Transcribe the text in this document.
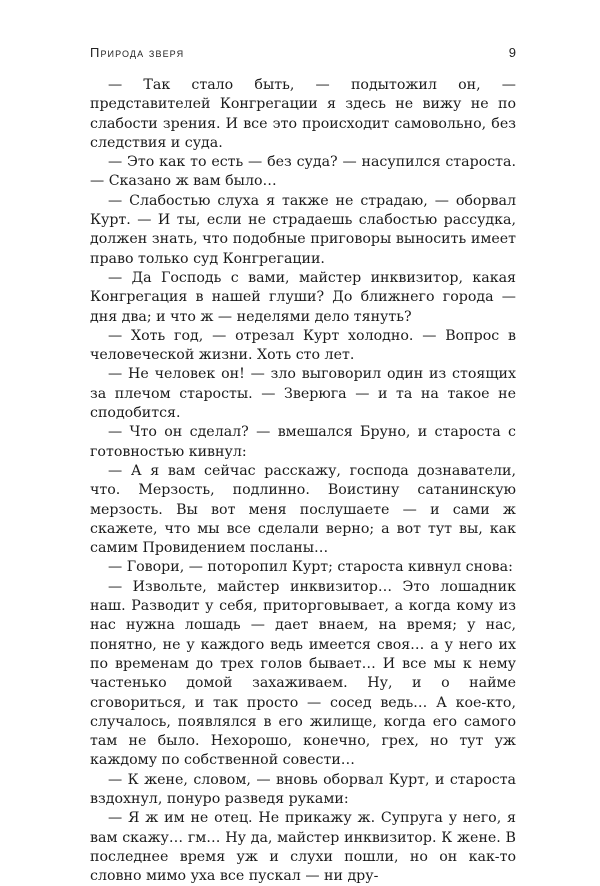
Природа зверя	9

— Так стало быть, — подытожил он, — представителей Конгрегации я здесь не вижу не по слабости зрения. И все это происходит самовольно, без следствия и суда.

— Это как то есть — без суда? — насупился староста. — Сказано ж вам было…

— Слабостью слуха я также не страдаю, — оборвал Курт. — И ты, если не страдаешь слабостью рассудка, должен знать, что подобные приговоры выносить имеет право только суд Конгрегации.

— Да Господь с вами, майстер инквизитор, какая Конгрегация в нашей глуши? До ближнего города — дня два; и что ж — неделями дело тянуть?

— Хоть год, — отрезал Курт холодно. — Вопрос в человеческой жизни. Хоть сто лет.

— Не человек он! — зло выговорил один из стоящих за плечом старосты. — Зверюга — и та на такое не сподобится.

— Что он сделал? — вмешался Бруно, и староста с готовностью кивнул:

— А я вам сейчас расскажу, господа дознаватели, что. Мерзость, подлинно. Воистину сатанинскую мерзость. Вы вот меня послушаете — и сами ж скажете, что мы все сделали верно; а вот тут вы, как самим Провидением посланы…

— Говори, — поторопил Курт; староста кивнул снова:

— Извольте, майстер инквизитор… Это лошадник наш. Разводит у себя, приторговывает, а когда кому из нас нужна лошадь — дает внаем, на время; у нас, понятно, не у каждого ведь имеется своя… а у него их по временам до трех голов бывает… И все мы к нему частенько домой захаживаем. Ну, и о найме сговориться, и так просто — сосед ведь… А кое-кто, случалось, появлялся в его жилище, когда его самого там не было. Нехорошо, конечно, грех, но тут уж каждому по собственной совести…

— К жене, словом, — вновь оборвал Курт, и староста вздохнул, понуро разведя руками:

— Я ж им не отец. Не прикажу ж. Супруга у него, я вам скажу… гм… Ну да, майстер инквизитор. К жене. В последнее время уж и слухи пошли, но он как-то словно мимо уха все пускал — ни дру-
